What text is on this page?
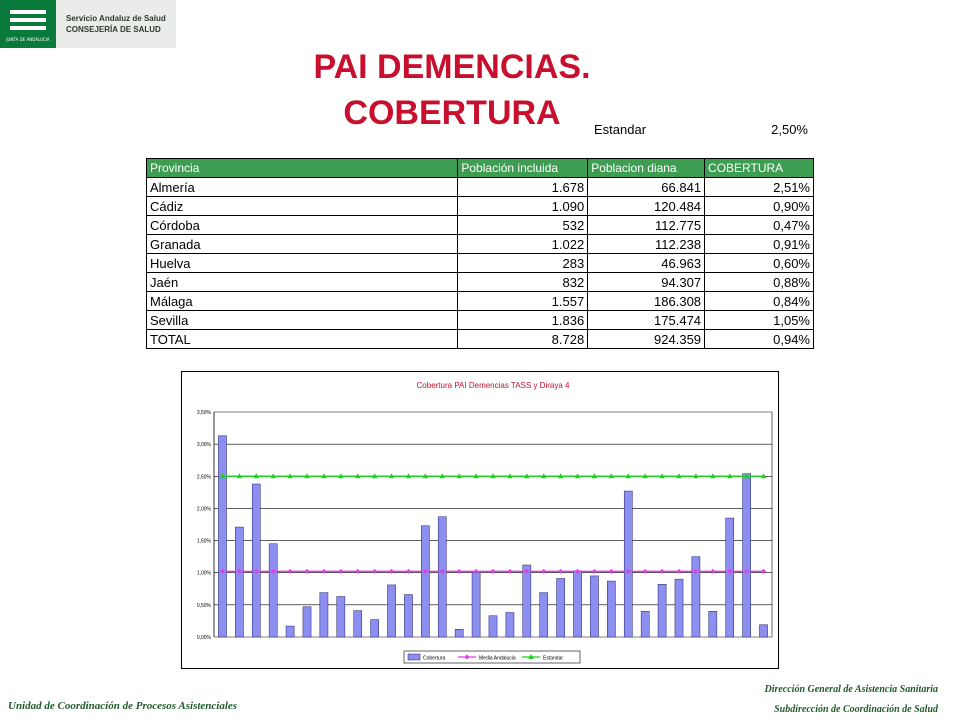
JUNTA DE ANDALUCIA
Servicio Andaluz de Salud
CONSEJERÍA DE SALUD
PAI DEMENCIAS.
COBERTURA	Estandar	2,50%
Provincia	Población incluida	Poblacion diana	COBERTURA
Almería	1.678	66.841	2,51%
Cádiz	1.090	120.484	0,90%
Córdoba	532	112.775	0,47%
Granada	1.022	112.238	0,91%
Huelva	283	46.963	0,60%
Jaén	832	94.307	0,88%
Málaga	1.557	186.308	0,84%
Sevilla	1.836	175.474	1,05%
TOTAL	8.728	924.359	0,94%
Cobertura PAI Demencias TASS y Diraya 4
0,00%
0,50%
1,00%
1,50%
2,00%
2,50%
3,00%
3,50%
Cobertura	Media Andalucia	Estandar
Unidad de Coordinación de Procesos Asistenciales
Dirección General de Asistencia Sanitaria
Subdirección de Coordinación de Salud
